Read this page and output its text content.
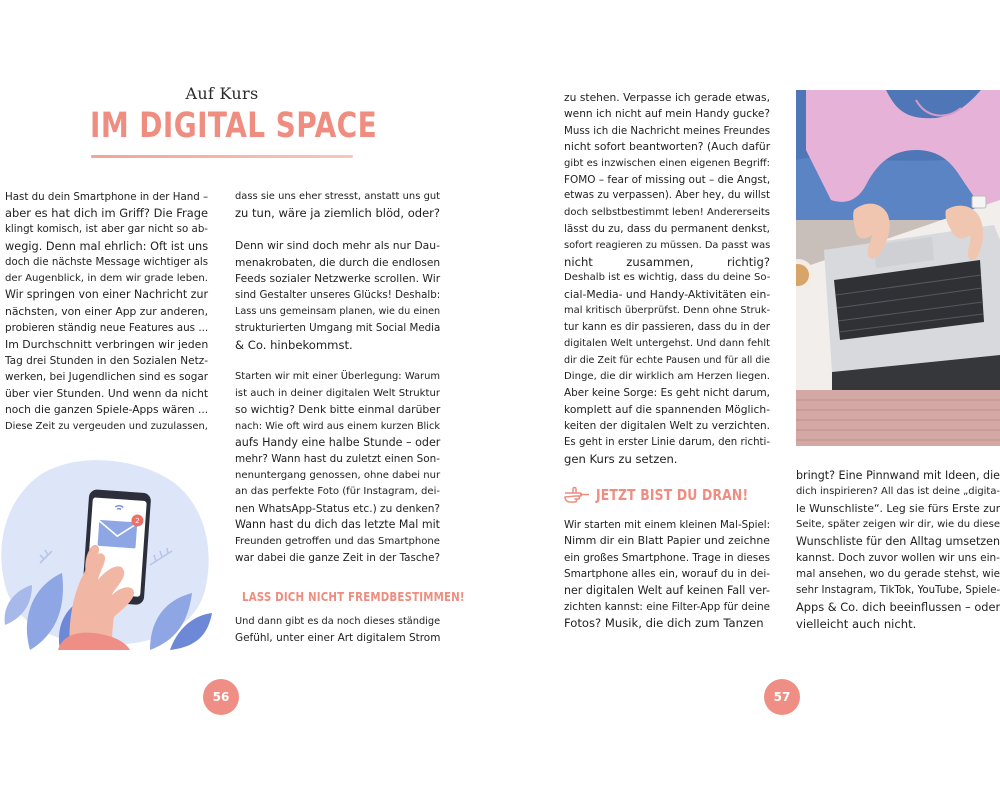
Auf Kurs
IM DIGITAL SPACE

Hast du dein Smartphone in der Hand –
aber es hat dich im Griff? Die Frage
klingt komisch, ist aber gar nicht so ab-
wegig. Denn mal ehrlich: Oft ist uns
doch die nächste Message wichtiger als
der Augenblick, in dem wir grade leben.
Wir springen von einer Nachricht zur
nächsten, von einer App zur anderen,
probieren ständig neue Features aus ...
Im Durchschnitt verbringen wir jeden
Tag drei Stunden in den Sozialen Netz-
werken, bei Jugendlichen sind es sogar
über vier Stunden. Und wenn da nicht
noch die ganzen Spiele-Apps wären ...
Diese Zeit zu vergeuden und zuzulassen,

2

dass sie uns eher stresst, anstatt uns gut
zu tun, wäre ja ziemlich blöd, oder?

Denn wir sind doch mehr als nur Dau-
menakrobaten, die durch die endlosen
Feeds sozialer Netzwerke scrollen. Wir
sind Gestalter unseres Glücks! Deshalb:
Lass uns gemeinsam planen, wie du einen
strukturierten Umgang mit Social Media
& Co. hinbekommst.

Starten wir mit einer Überlegung: Warum
ist auch in deiner digitalen Welt Struktur
so wichtig? Denk bitte einmal darüber
nach: Wie oft wird aus einem kurzen Blick
aufs Handy eine halbe Stunde – oder
mehr? Wann hast du zuletzt einen Son-
nenuntergang genossen, ohne dabei nur
an das perfekte Foto (für Instagram, dei-
nen WhatsApp-Status etc.) zu denken?
Wann hast du dich das letzte Mal mit
Freunden getroffen und das Smartphone
war dabei die ganze Zeit in der Tasche?

LASS DICH NICHT FREMDBESTIMMEN!

Und dann gibt es da noch dieses ständige
Gefühl, unter einer Art digitalem Strom

56

zu stehen. Verpasse ich gerade etwas,
wenn ich nicht auf mein Handy gucke?
Muss ich die Nachricht meines Freundes
nicht sofort beantworten? (Auch dafür
gibt es inzwischen einen eigenen Begriff:
FOMO – fear of missing out – die Angst,
etwas zu verpassen). Aber hey, du willst
doch selbstbestimmt leben! Andererseits
lässt du zu, dass du permanent denkst,
sofort reagieren zu müssen. Da passt was
nicht zusammen, richtig?
Deshalb ist es wichtig, dass du deine So-
cial-Media- und Handy-Aktivitäten ein-
mal kritisch überprüfst. Denn ohne Struk-
tur kann es dir passieren, dass du in der
digitalen Welt untergehst. Und dann fehlt
dir die Zeit für echte Pausen und für all die
Dinge, die dir wirklich am Herzen liegen.
Aber keine Sorge: Es geht nicht darum,
komplett auf die spannenden Möglich-
keiten der digitalen Welt zu verzichten.
Es geht in erster Linie darum, den richti-
gen Kurs zu setzen.

JETZT BIST DU DRAN!

Wir starten mit einem kleinen Mal-Spiel:
Nimm dir ein Blatt Papier und zeichne
ein großes Smartphone. Trage in dieses
Smartphone alles ein, worauf du in dei-
ner digitalen Welt auf keinen Fall ver-
zichten kannst: eine Filter-App für deine
Fotos? Musik, die dich zum Tanzen

bringt? Eine Pinnwand mit Ideen, die
dich inspirieren? All das ist deine „digita-
le Wunschliste“. Leg sie fürs Erste zur
Seite, später zeigen wir dir, wie du diese
Wunschliste für den Alltag umsetzen
kannst. Doch zuvor wollen wir uns ein-
mal ansehen, wo du gerade stehst, wie
sehr Instagram, TikTok, YouTube, Spiele-
Apps & Co. dich beeinflussen – oder
vielleicht auch nicht.

57
